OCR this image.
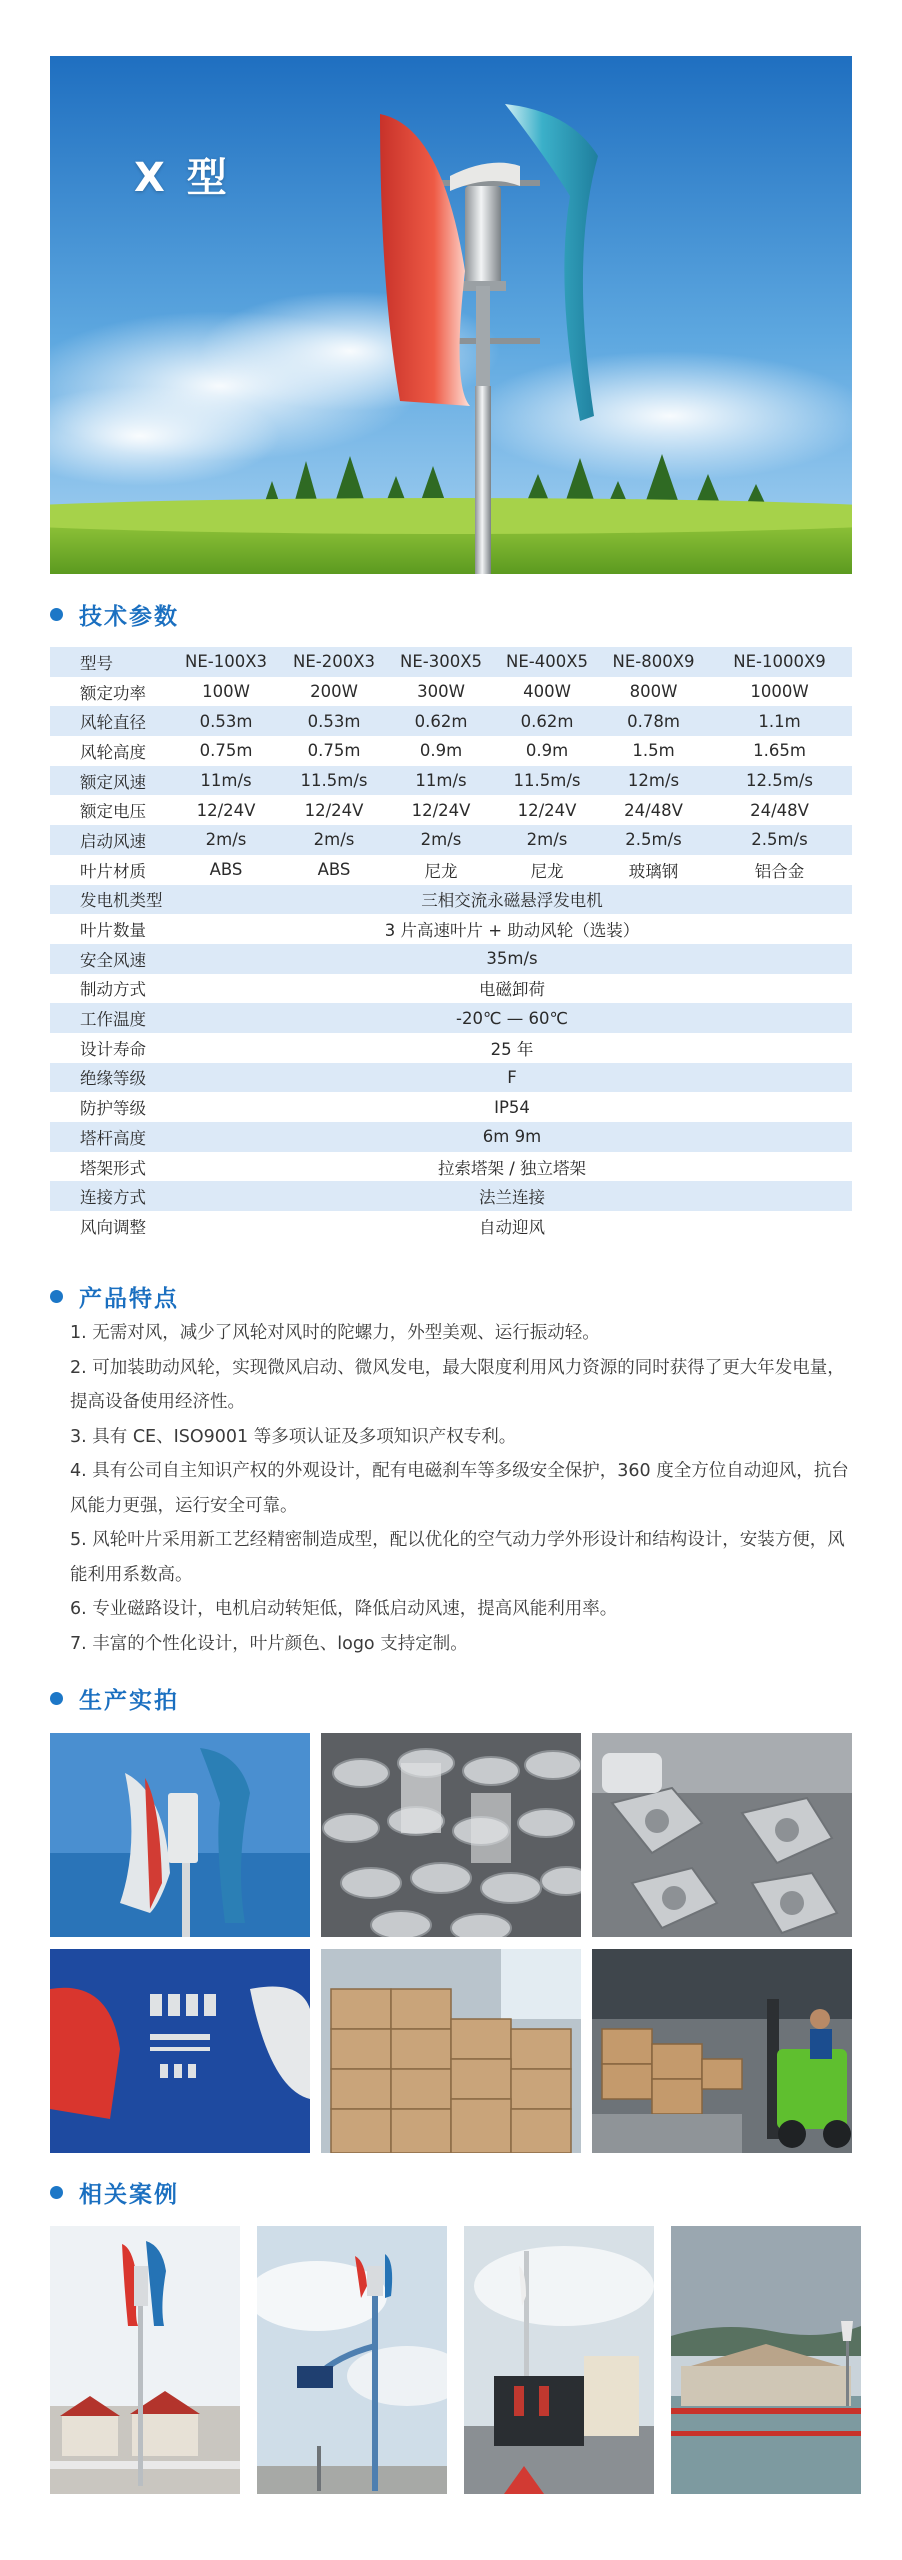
X 型
技术参数
型号	NE-100X3	NE-200X3	NE-300X5	NE-400X5	NE-800X9	NE-1000X9
额定功率	100W	200W	300W	400W	800W	1000W
风轮直径	0.53m	0.53m	0.62m	0.62m	0.78m	1.1m
风轮高度	0.75m	0.75m	0.9m	0.9m	1.5m	1.65m
额定风速	11m/s	11.5m/s	11m/s	11.5m/s	12m/s	12.5m/s
额定电压	12/24V	12/24V	12/24V	12/24V	24/48V	24/48V
启动风速	2m/s	2m/s	2m/s	2m/s	2.5m/s	2.5m/s
叶片材质	ABS	ABS	尼龙	尼龙	玻璃钢	铝合金
发电机类型	三相交流永磁悬浮发电机					
叶片数量	3 片高速叶片 + 助动风轮（选装）					
安全风速	35m/s					
制动方式	电磁卸荷					
工作温度	-20℃ — 60℃					
设计寿命	25 年					
绝缘等级	F					
防护等级	IP54					
塔杆高度	6m 9m					
塔架形式	拉索塔架 / 独立塔架					
连接方式	法兰连接					
风向调整	自动迎风					
产品特点

1. 无需对风，减少了风轮对风时的陀螺力，外型美观、运行振动轻。

2. 可加装助动风轮，实现微风启动、微风发电，最大限度利用风力资源的同时获得了更大年发电量，提高设备使用经济性。

3. 具有 CE、ISO9001 等多项认证及多项知识产权专利。

4. 具有公司自主知识产权的外观设计，配有电磁刹车等多级安全保护，360 度全方位自动迎风，抗台风能力更强，运行安全可靠。

5. 风轮叶片采用新工艺经精密制造成型，配以优化的空气动力学外形设计和结构设计，安装方便，风能利用系数高。

6. 专业磁路设计，电机启动转矩低，降低启动风速，提高风能利用率。

7. 丰富的个性化设计，叶片颜色、logo 支持定制。

生产实拍
相关案例
